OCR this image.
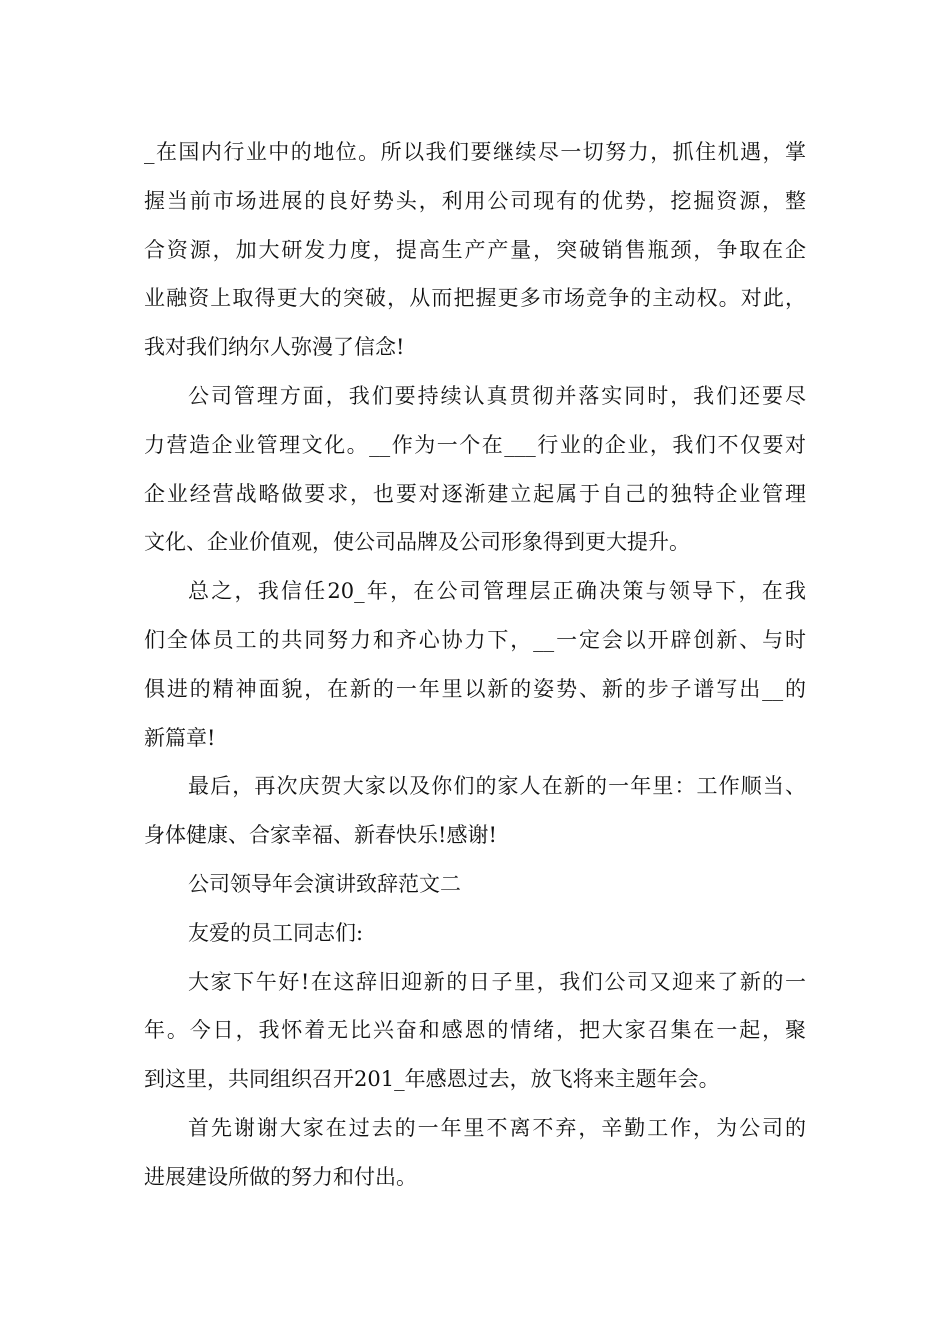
_在国内行业中的地位。所以我们要继续尽一切努力，抓住机遇，掌
握当前市场进展的良好势头，利用公司现有的优势，挖掘资源，整
合资源，加大研发力度，提高生产产量，突破销售瓶颈，争取在企
业融资上取得更大的突破，从而把握更多市场竞争的主动权。对此，
我对我们纳尔人弥漫了信念!

公司管理方面，我们要持续认真贯彻并落实同时，我们还要尽
力营造企业管理文化。__作为一个在___行业的企业，我们不仅要对
企业经营战略做要求，也要对逐渐建立起属于自己的独特企业管理
文化、企业价值观，使公司品牌及公司形象得到更大提升。

总之，我信任20_年，在公司管理层正确决策与领导下，在我
们全体员工的共同努力和齐心协力下，__一定会以开辟创新、与时
俱进的精神面貌，在新的一年里以新的姿势、新的步子谱写出__的
新篇章!

最后，再次庆贺大家以及你们的家人在新的一年里：工作顺当、
身体健康、合家幸福、新春快乐!感谢!

公司领导年会演讲致辞范文二

友爱的员工同志们:

大家下午好!在这辞旧迎新的日子里，我们公司又迎来了新的一
年。今日，我怀着无比兴奋和感恩的情绪，把大家召集在一起，聚
到这里，共同组织召开201_年感恩过去，放飞将来主题年会。

首先谢谢大家在过去的一年里不离不弃，辛勤工作，为公司的
进展建设所做的努力和付出。
